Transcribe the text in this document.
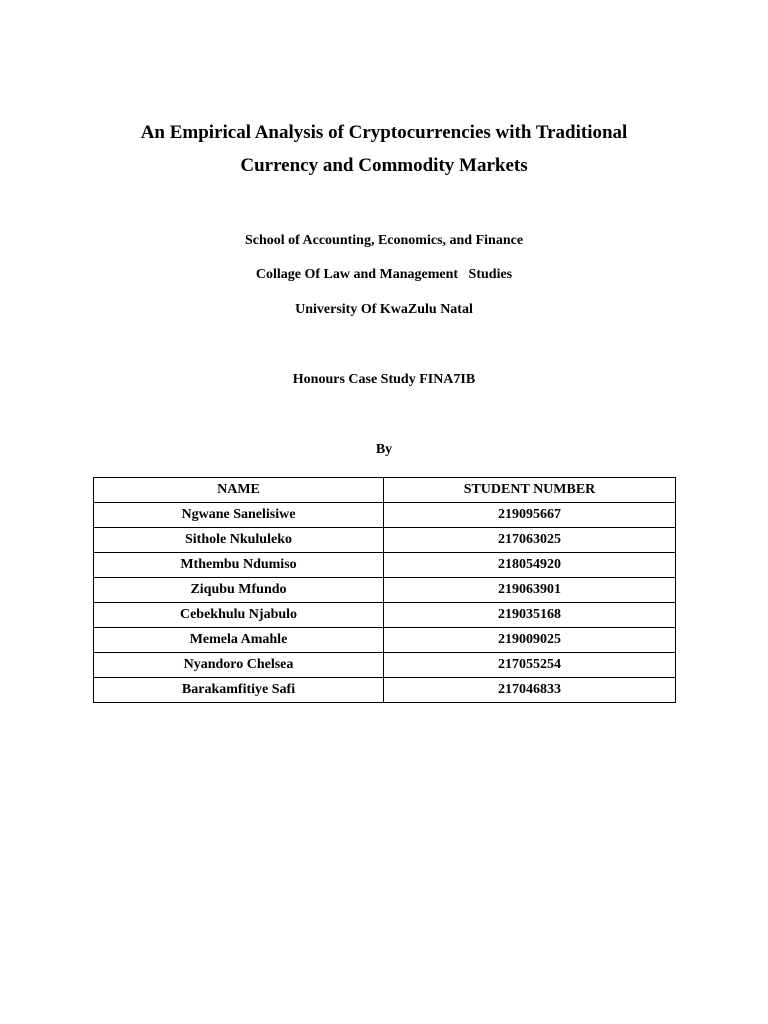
An Empirical Analysis of Cryptocurrencies with Traditional
Currency and Commodity Markets

School of Accounting, Economics, and Finance

Collage Of Law and Management   Studies

University Of KwaZulu Natal

Honours Case Study FINA7IB

By

NAME	STUDENT NUMBER
Ngwane Sanelisiwe	219095667
Sithole Nkululeko	217063025
Mthembu Ndumiso	218054920
Ziqubu Mfundo	219063901
Cebekhulu Njabulo	219035168
Memela Amahle	219009025
Nyandoro Chelsea	217055254
Barakamfitiye Safi	217046833
